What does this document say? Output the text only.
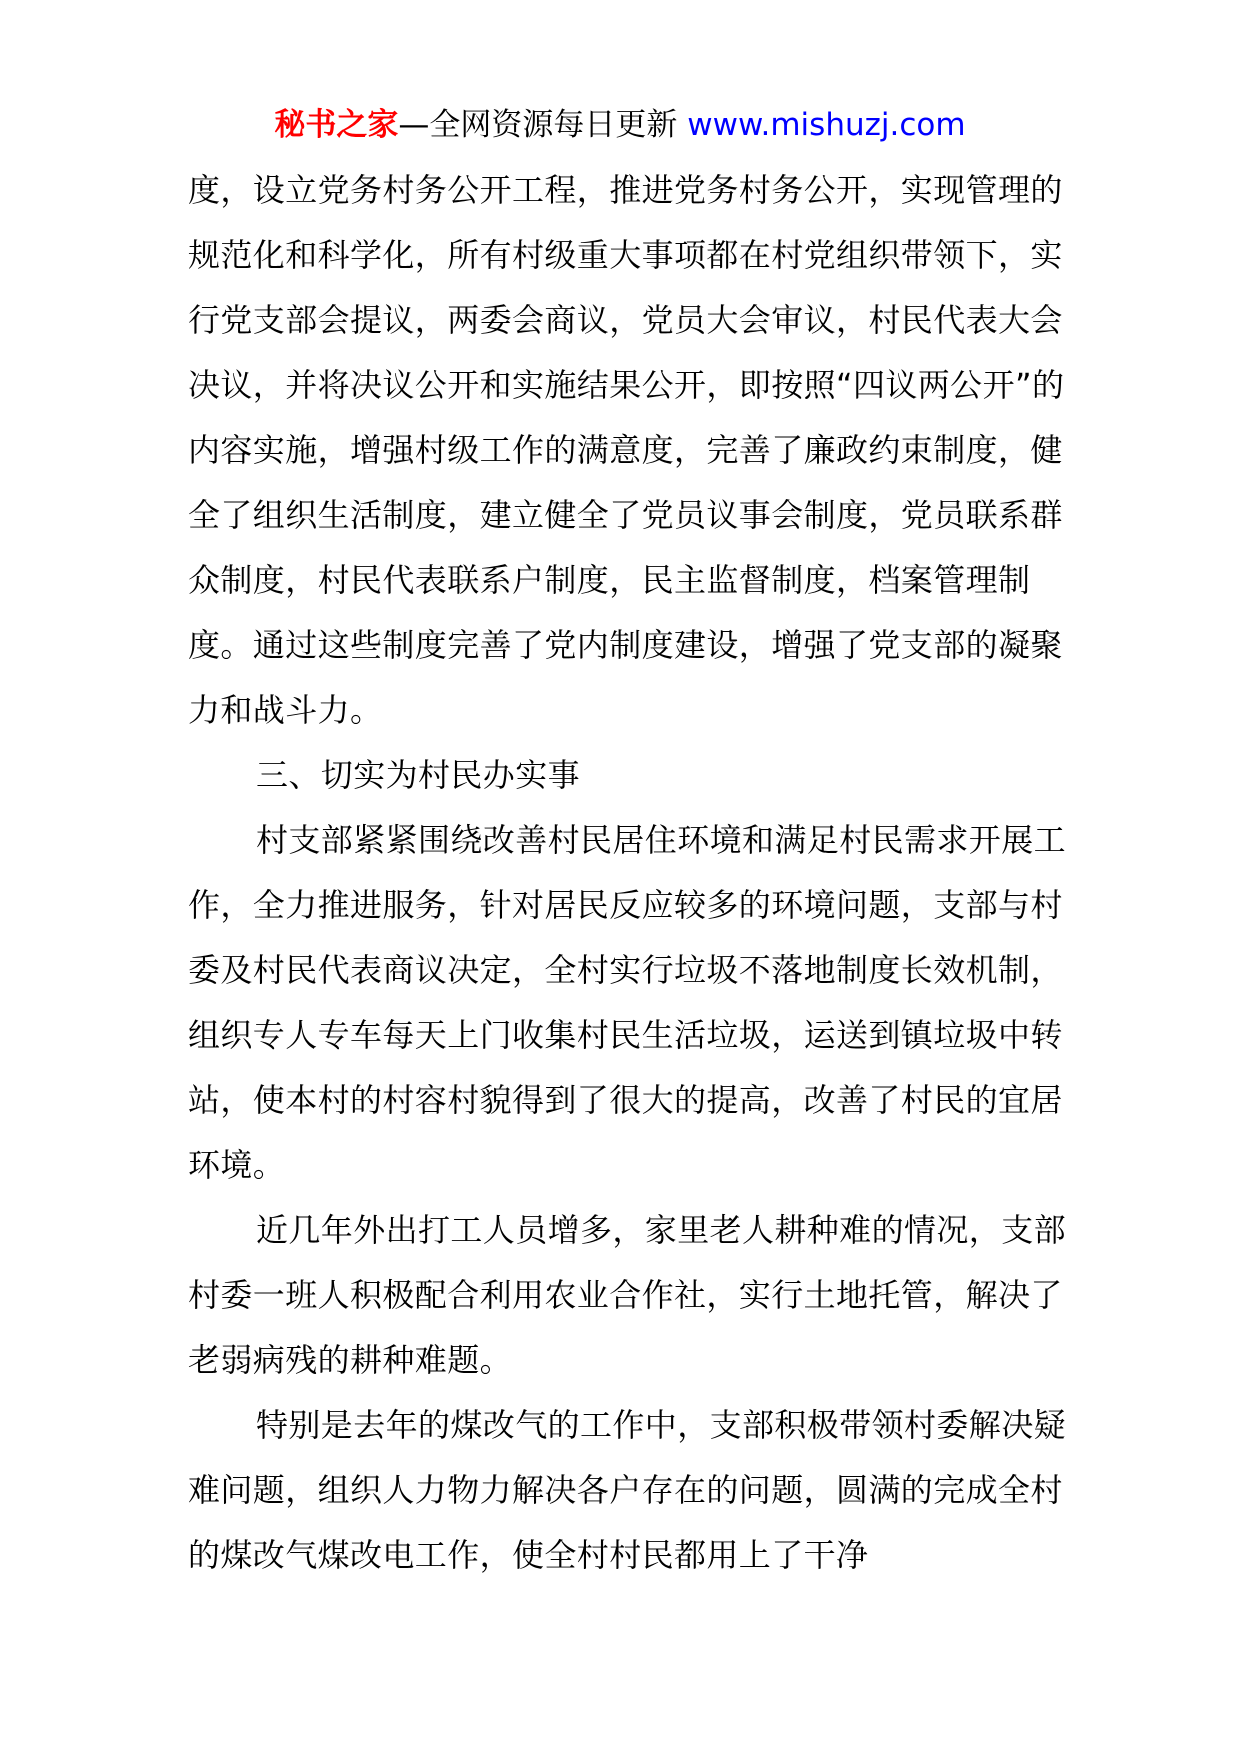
秘书之家—全网资源每日更新 www.mishuzj.com

度，设立党务村务公开工程，推进党务村务公开，实现管理的规范化和科学化，所有村级重大事项都在村党组织带领下，实行党支部会提议，两委会商议，党员大会审议，村民代表大会决议，并将决议公开和实施结果公开，即按照“四议两公开”的内容实施，增强村级工作的满意度，完善了廉政约束制度，健全了组织生活制度，建立健全了党员议事会制度，党员联系群众制度，村民代表联系户制度，民主监督制度，档案管理制度。通过这些制度完善了党内制度建设，增强了党支部的凝聚力和战斗力。

三、切实为村民办实事

村支部紧紧围绕改善村民居住环境和满足村民需求开展工作，全力推进服务，针对居民反应较多的环境问题，支部与村委及村民代表商议决定，全村实行垃圾不落地制度长效机制，组织专人专车每天上门收集村民生活垃圾，运送到镇垃圾中转站，使本村的村容村貌得到了很大的提高，改善了村民的宜居环境。

近几年外出打工人员增多，家里老人耕种难的情况，支部村委一班人积极配合利用农业合作社，实行土地托管，解决了老弱病残的耕种难题。

特别是去年的煤改气的工作中，支部积极带领村委解决疑难问题，组织人力物力解决各户存在的问题，圆满的完成全村的煤改气煤改电工作，使全村村民都用上了干净
